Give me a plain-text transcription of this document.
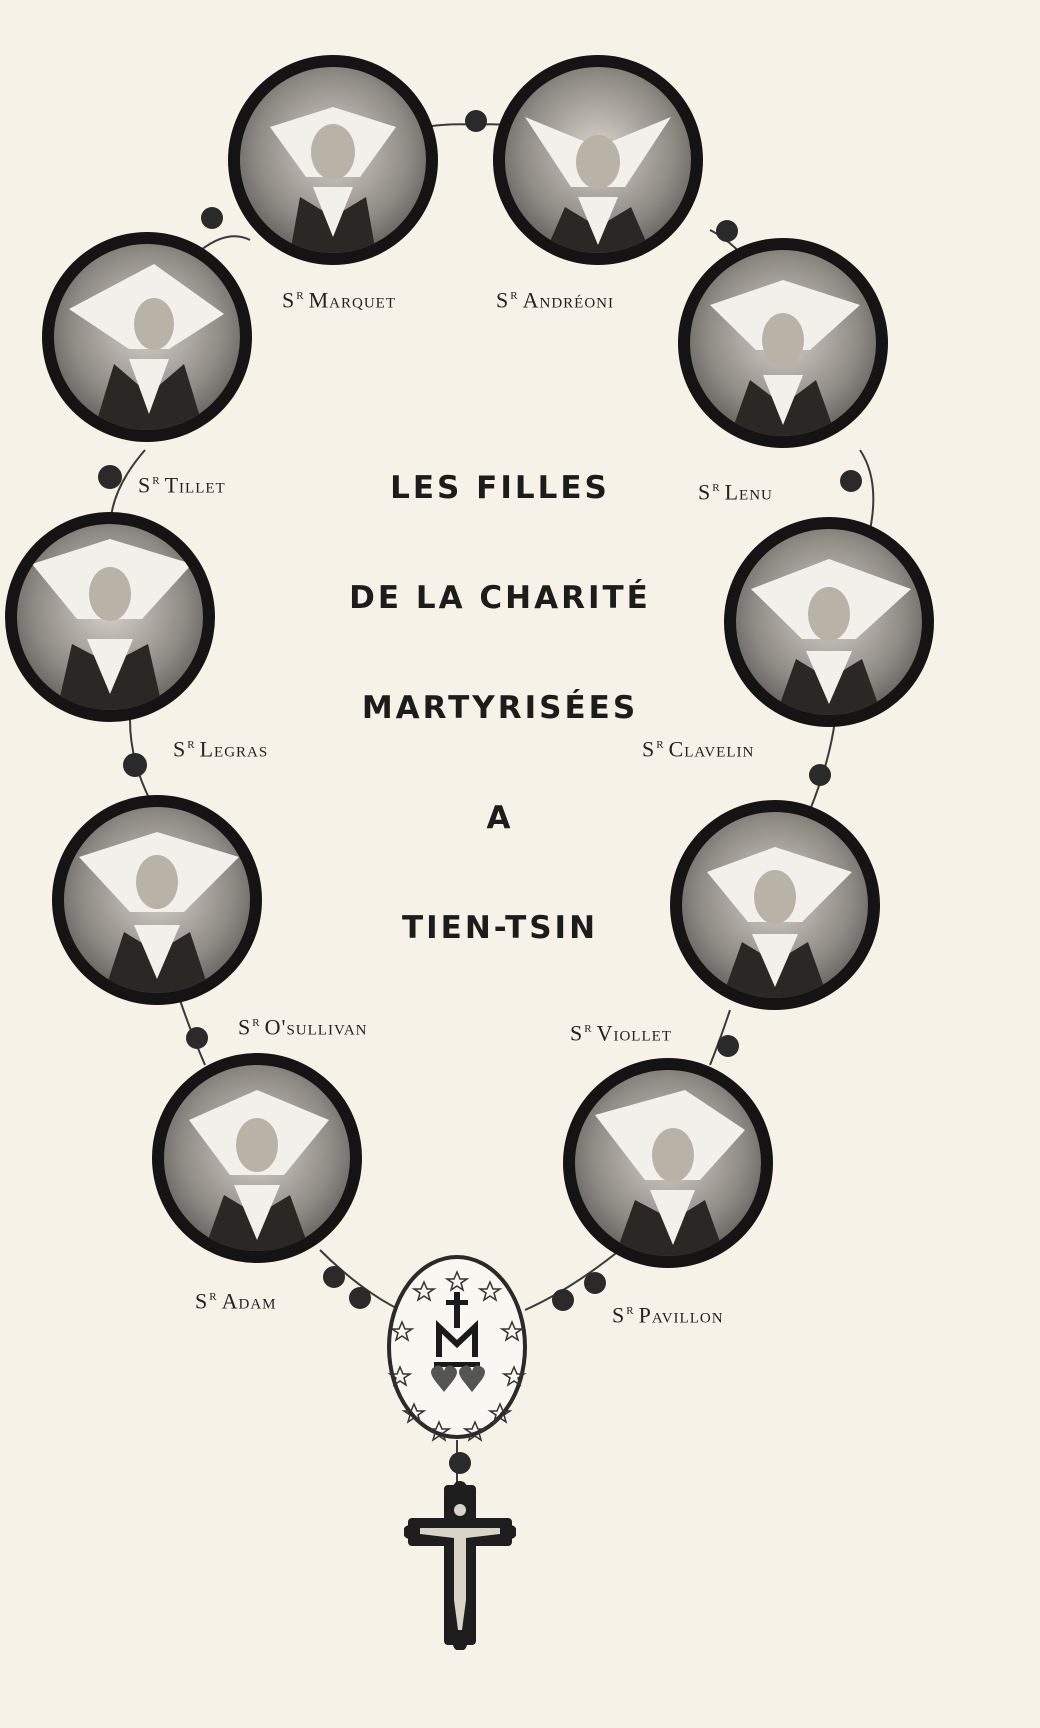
$S^r$ Marquet	$S^r$ Andréoni
$S^r$ Tillet	$S^r$ Lenu
$S^r$ Legras	$S^r$ Clavelin
$S^r$ O'sullivan	$S^r$ Viollet
$S^r$ Adam
$S^r$ Pavillon
LES FILLES
DE LA CHARITÉ
MARTYRISÉES
A
TIEN-TSIN
